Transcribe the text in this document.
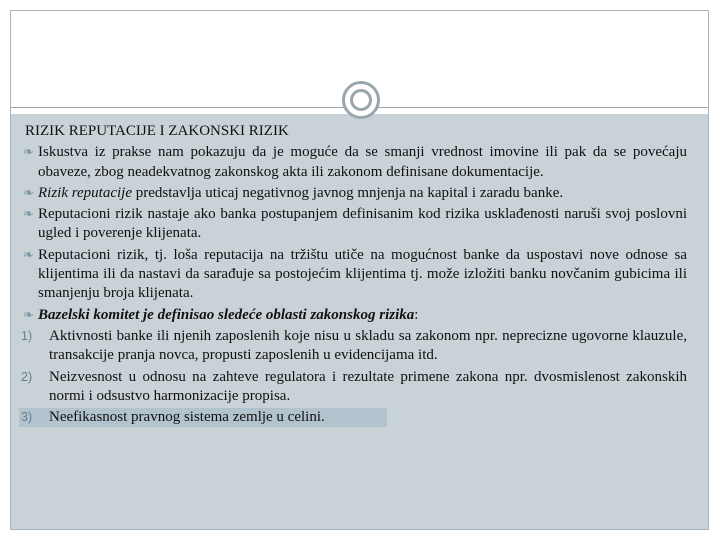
RIZIK REPUTACIJE I ZAKONSKI RIZIK
❧ Iskustva iz prakse nam pokazuju da je moguće da se smanji vrednost imovine ili pak da se povećaju obaveze, zbog neadekvatnog zakonskog akta ili zakonom definisane dokumentacije.
❧ Rizik reputacije predstavlja uticaj negativnog javnog mnjenja na kapital i zaradu banke.
❧ Reputacioni rizik nastaje ako banka postupanjem definisanim kod rizika usklađenosti naruši svoj poslovni ugled i poverenje klijenata.
❧ Reputacioni rizik, tj. loša reputacija na tržištu utiče na mogućnost banke da uspostavi nove odnose sa klijentima ili da nastavi da sarađuje sa postojećim klijentima tj. može izložiti banku novčanim gubicima ili smanjenju broja klijenata.
❧ Bazelski komitet je definisao sledeće oblasti zakonskog rizika:
1) Aktivnosti banke ili njenih zaposlenih koje nisu u skladu sa zakonom npr. neprecizne ugovorne klauzule, transakcije pranja novca, propusti zaposlenih u evidencijama itd.
2) Neizvesnost u odnosu na zahteve regulatora i rezultate primene zakona npr. dvosmislenost zakonskih normi i odsustvo harmonizacije propisa.
3) Neefikasnost pravnog sistema zemlje u celini.
